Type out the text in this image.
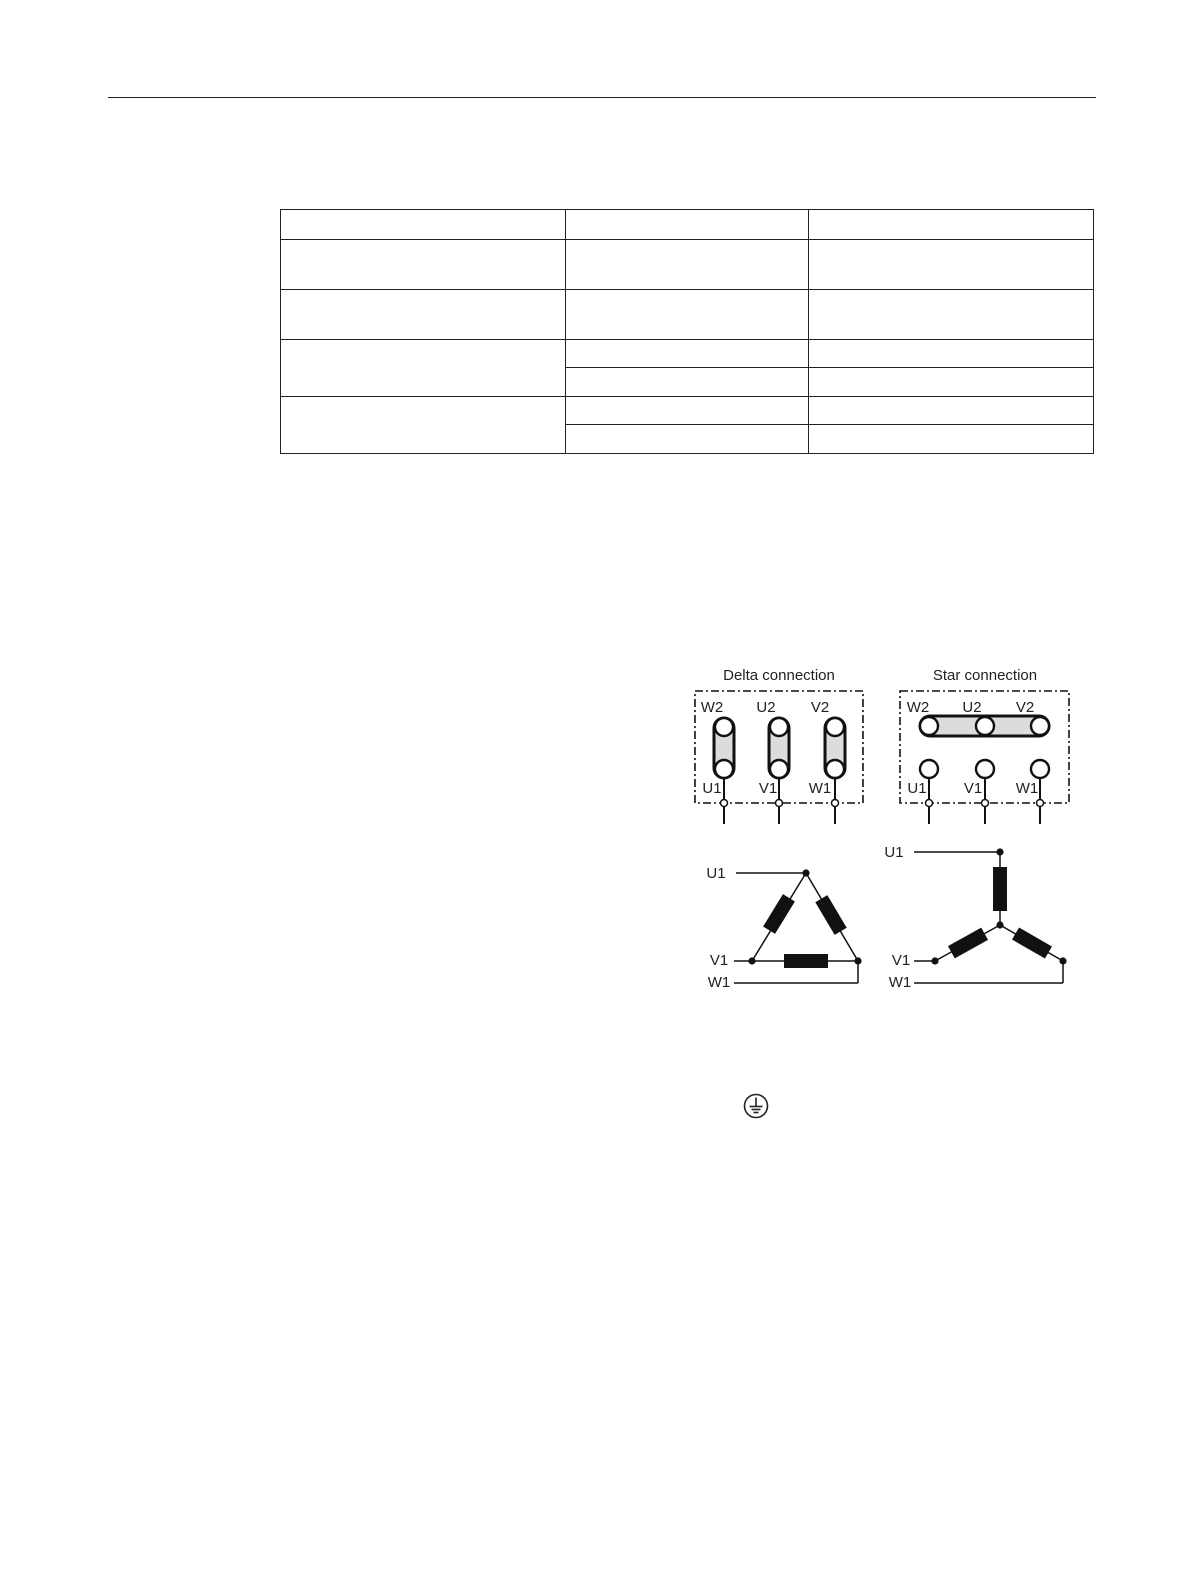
Delta connection
W2 U2 V2
U1 V1 W1
Star connection
W2 U2 V2
U1 V1 W1
U1
V1
W1
U1
V1
W1
